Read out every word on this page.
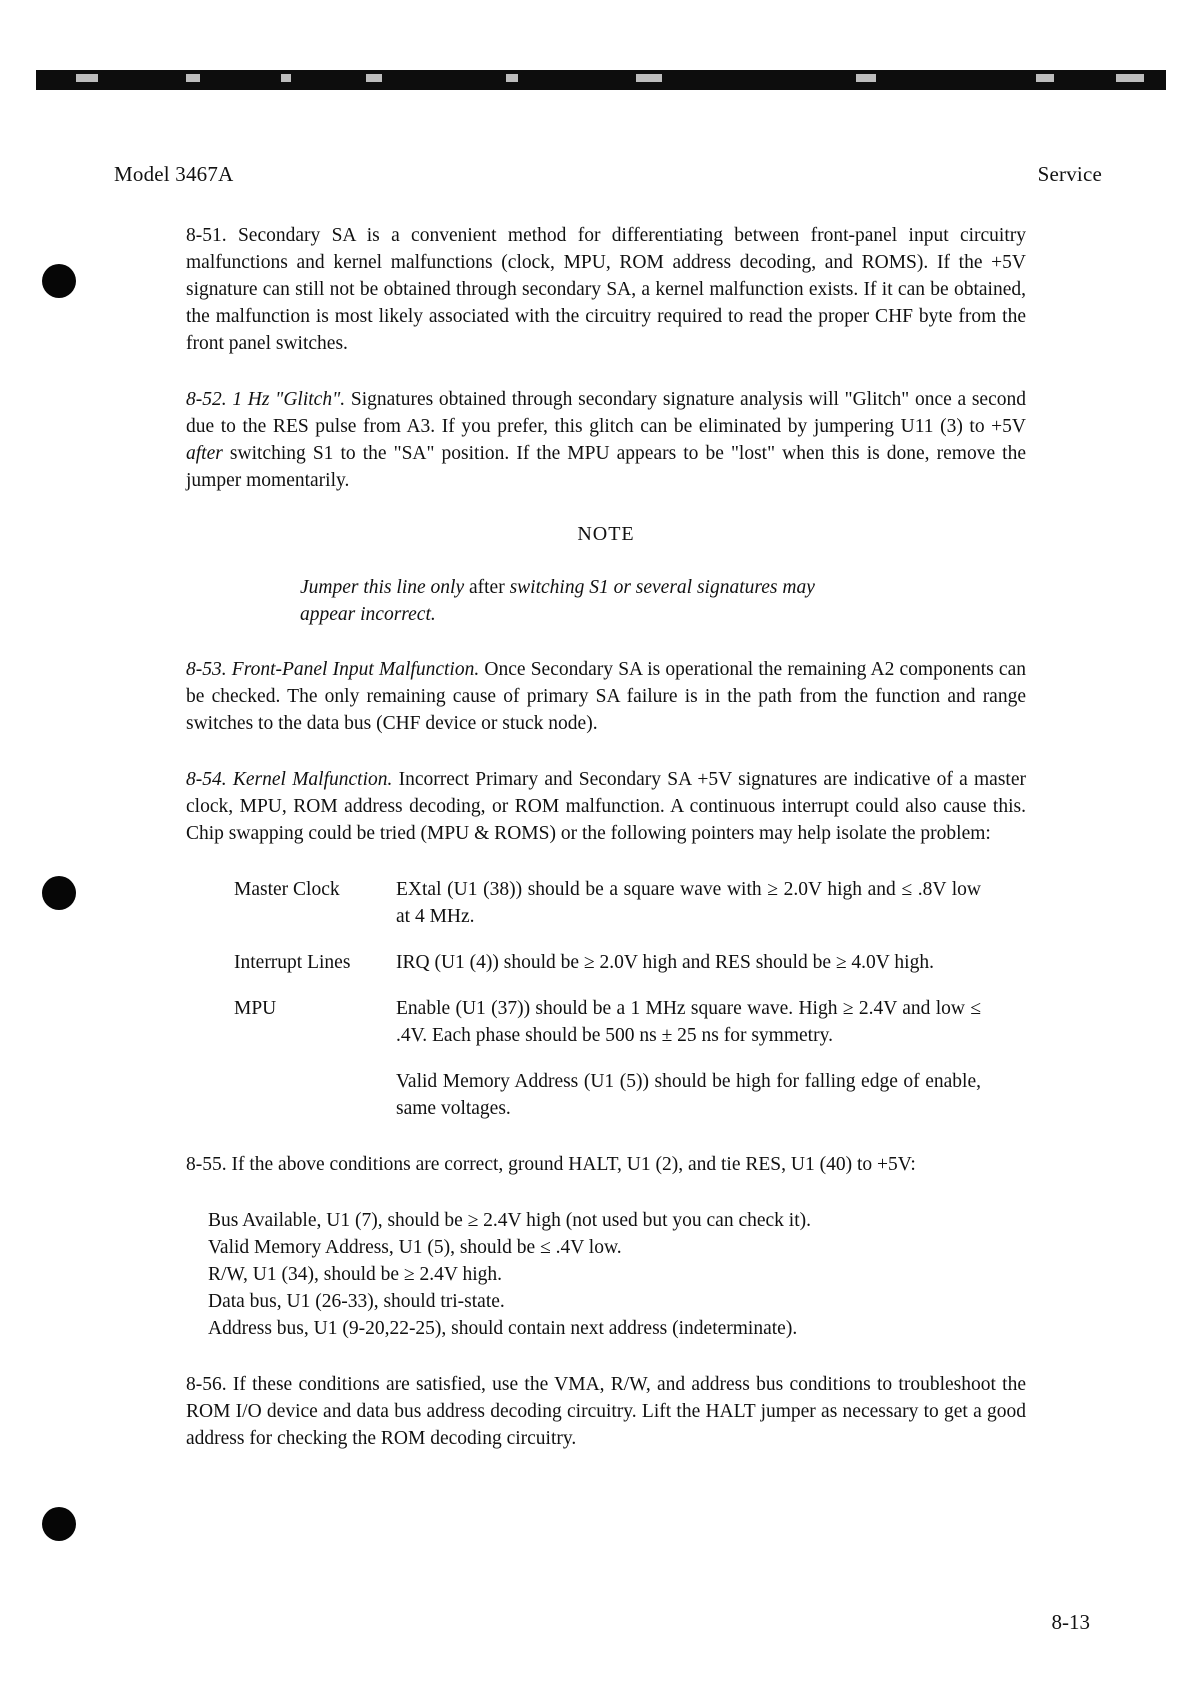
Model 3467A	Service

8-51. Secondary SA is a convenient method for differentiating between front-panel input circuitry malfunctions and kernel malfunctions (clock, MPU, ROM address decoding, and ROMS). If the +5V signature can still not be obtained through secondary SA, a kernel malfunction exists. If it can be obtained, the malfunction is most likely associated with the circuitry required to read the proper CHF byte from the front panel switches.

8-52. 1 Hz "Glitch". Signatures obtained through secondary signature analysis will "Glitch" once a second due to the RES pulse from A3. If you prefer, this glitch can be eliminated by jumpering U11 (3) to +5V after switching S1 to the "SA" position. If the MPU appears to be "lost" when this is done, remove the jumper momentarily.

NOTE
Jumper this line only after switching S1 or several signatures may appear incorrect.

8-53. Front-Panel Input Malfunction. Once Secondary SA is operational the remaining A2 components can be checked. The only remaining cause of primary SA failure is in the path from the function and range switches to the data bus (CHF device or stuck node).

8-54. Kernel Malfunction. Incorrect Primary and Secondary SA +5V signatures are indicative of a master clock, MPU, ROM address decoding, or ROM malfunction. A continuous interrupt could also cause this. Chip swapping could be tried (MPU & ROMS) or the following pointers may help isolate the problem:

Master Clock	EXtal (U1 (38)) should be a square wave with ≥ 2.0V high and ≤ .8V low at 4 MHz.
Interrupt Lines	IRQ (U1 (4)) should be ≥ 2.0V high and RES should be ≥ 4.0V high.
MPU	Enable (U1 (37)) should be a 1 MHz square wave. High ≥ 2.4V and low ≤ .4V. Each phase should be 500 ns ± 25 ns for symmetry.
Valid Memory Address (U1 (5)) should be high for falling edge of enable, same voltages.

8-55. If the above conditions are correct, ground HALT, U1 (2), and tie RES, U1 (40) to +5V:

Bus Available, U1 (7), should be ≥ 2.4V high (not used but you can check it).
Valid Memory Address, U1 (5), should be ≤ .4V low.
R/W, U1 (34), should be ≥ 2.4V high.
Data bus, U1 (26-33), should tri-state.
Address bus, U1 (9-20,22-25), should contain next address (indeterminate).

8-56. If these conditions are satisfied, use the VMA, R/W, and address bus conditions to troubleshoot the ROM I/O device and data bus address decoding circuitry. Lift the HALT jumper as necessary to get a good address for checking the ROM decoding circuitry.

8-13
